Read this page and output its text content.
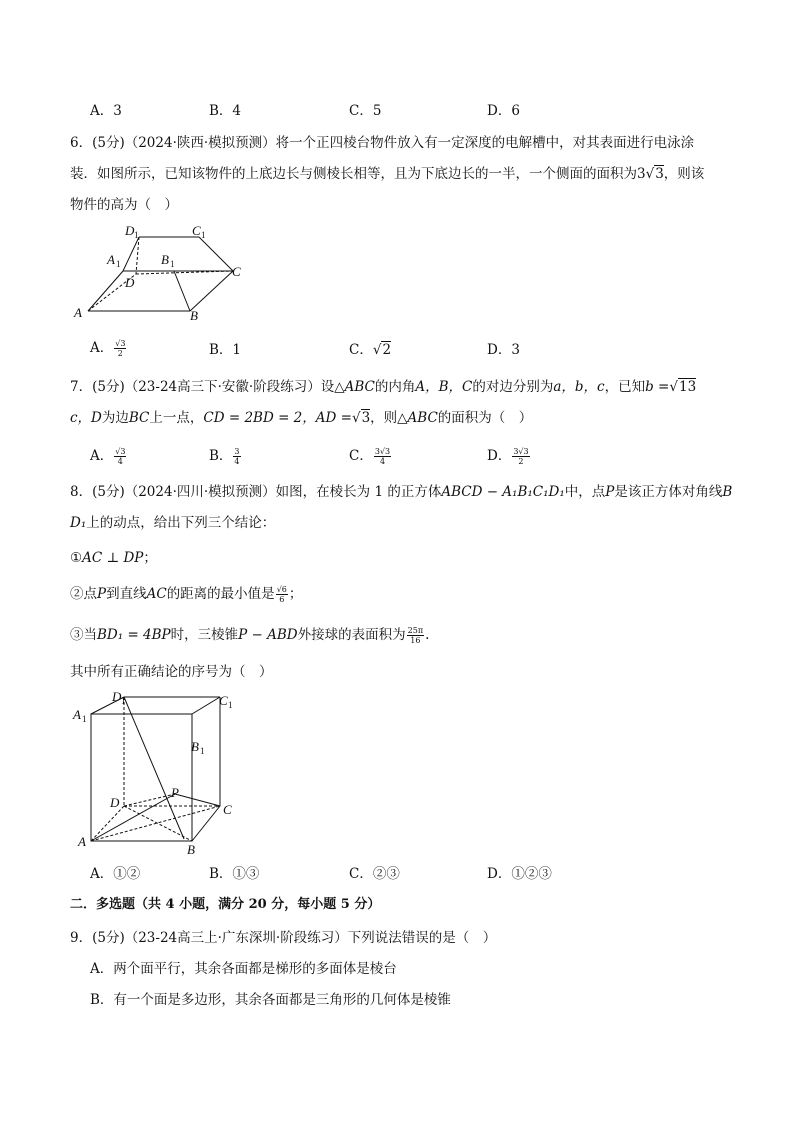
A．3	B．4	C．5	D．6
6．(5分)（2024·陕西·模拟预测）将一个正四棱台物件放入有一定深度的电解槽中，对其表面进行电泳涂
装．如图所示，已知该物件的上底边长与侧棱长相等，且为下底边长的一半，一个侧面的面积为3√3，则该
物件的高为（　）
D 1	C 1
A 1	B 1
D
C
A	B
A． $\frac{√3}{2}$	B．1	C．√2	D．3
7．(5分)（23-24高三下·安徽·阶段练习）设△ABC的内角A，B，C的对边分别为a，b，c，已知b =√13
c，D为边BC上一点，CD = 2BD = 2，AD =√3，则△ABC的面积为（　）
A． $\frac{√3}{4}$	B． $\frac{3}{4}$	C． $\frac{3√3}{4}$	D． $\frac{3√3}{2}$
8．(5分)（2024·四川·模拟预测）如图，在棱长为 1 的正方体ABCD − A₁B₁C₁D₁中，点P是该正方体对角线B
D₁上的动点，给出下列三个结论：
①AC ⊥ DP；
②点P到直线AC的距离的最小值是 $\frac{√6}{6}$ ；
③当BD₁ = 4BP时，三棱锥P − ABD外接球的表面积为 $\frac{25\pi}{16}$ .
其中所有正确结论的序号为（　）
D 1	C 1
A 1
B 1
P
D	C
A
B
A．①②	B．①③	C．②③	D．①②③
二．多选题（共 4 小题，满分 20 分，每小题 5 分）
9．(5分)（23-24高三上·广东深圳·阶段练习）下列说法错误的是（　）
A．两个面平行，其余各面都是梯形的多面体是棱台
B．有一个面是多边形，其余各面都是三角形的几何体是棱锥
